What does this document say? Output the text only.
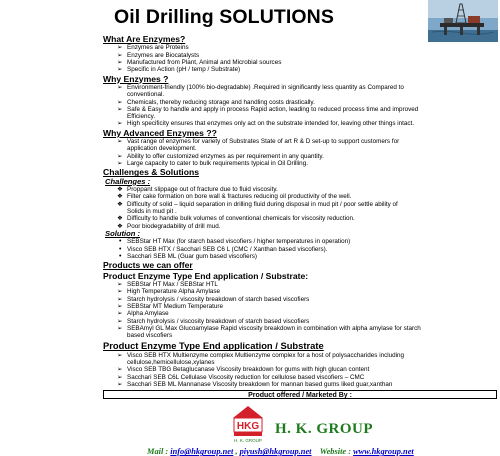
Oil Drilling SOLUTIONS
What Are Enzymes?
➢ Enzymes are Proteins
➢ Enzymes are Biocatalysts
➢ Manufactured from Plant, Animal and Microbial sources
➢ Specific in Action (pH / temp / Substrate)
Why Enzymes ?
➢ Environment-friendly (100% bio-degradable) .Required in significantly less quantity as Compared to
conventional.
➢ Chemicals, thereby reducing storage and handling costs drastically.
➢ Safe & Easy to handle and apply in process Rapid action, leading to reduced process time and improved
Efficiency.
➢ High specificity ensures that enzymes only act on the substrate intended for, leaving other things intact.
Why Advanced Enzymes ??
➢ Vast range of enzymes for variety of Substrates State of art R & D set-up to support customers for
application development.
➢ Ability to offer customized enzymes as per requirement in any quantity.
➢ Large capacity to cater to bulk requirements typical in Oil Drilling.
Challenges & Solutions
Challenges :
❖ Proppant slippage out of fracture due to fluid viscosity.
❖ Filter cake formation on bore wall & fractures reducing oil productivity of the well.
❖ Difficulty of solid – liquid separation in drilling fluid during disposal in mud pit / poor settle ability of
Solids in mud pit .
❖ Difficulty to handle bulk volumes of conventional chemicals for viscosity reduction.
❖ Poor biodegradability of drill mud.
Solution :
• SEBStar HT Max (for starch based viscofiers / higher temperatures in operation)
• Visco SEB HTX / Sacchari SEB C6 L (CMC / Xanthan based viscofiers).
• Sacchari SEB ML (Guar gum based viscofiers)
Products we can offer
Product Enzyme Type End application / Substrate:
➢ SEBStar HT Max / SEBStar HTL
➢ High Temperature Alpha Amylase
➢ Starch hydrolysis / viscosity breakdown of starch based viscofiers
➢ SEBStar MT Medium Temperature
➢ Alpha Amylase
➢ Starch hydrolysis / viscosity breakdown of starch based viscofiers
➢ SEBAmyl GL Max Glucoamylase Rapid viscosity breakdown in combination with alpha amylase for starch
based viscofiers
Product Enzyme Type End application / Substrate
➢ Visco SEB HTX Multienzyme complex Multienzyme complex for a host of polysaccharides including
cellulose,hemicellulose,xylanes
➢ Visco SEB TBG Betaglucanase Viscosity breakdown for gums with high glucan content
➢ Sacchari SEB C6L Cellulase Viscosity reduction for cellulose based viscofiers – CMC
➢ Sacchari SEB ML Mannanase Viscosity breakdown for mannan based gums liked guar,xanthan
Product offered / Marketed By :
HKG
H. K. GROUP
H. K. GROUP
Mail : info@hkgroup.net , piyush@hkgroup.net Website : www.hkgroup.net
